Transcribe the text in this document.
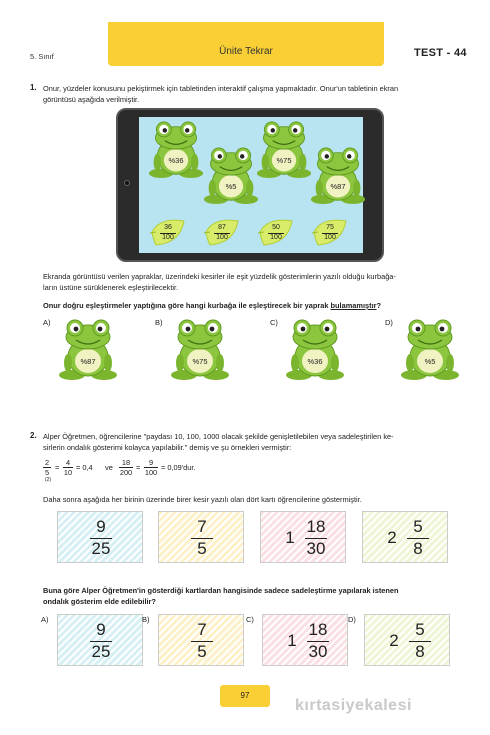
Ünite Tekrar
5. Sınıf	TEST - 44
1. Onur, yüzdeler konusunu pekiştirmek için tabletinden interaktif çalışma yapmaktadır. Onur'un tabletinin ekran
görüntüsü aşağıda verilmiştir.
%36
%5
%75
%87
36
100
87
100
50
100
75
100
Ekranda görüntüsü verilen yapraklar, üzerindeki kesirler ile eşit yüzdelik gösterimlerin yazılı olduğu kurbağa-
ların üstüne sürüklenerek eşleştirilecektir.
Onur doğru eşleştirmeler yaptığına göre hangi kurbağa ile eşleştirecek bir yaprak bulamamıştır?
A)
%87
B)
%75
C)
%36
D)
%5
2. Alper Öğretmen, öğrencilerine "paydası 10, 100, 1000 olacak şekilde genişletilebilen veya sadeleştirilen ke-
sirlerin ondalık gösterimi kolayca yapılabilir." demiş ve şu örnekleri vermiştir:
2
5
(2)
=
4
10
= 0,4 ve
18
200
=
9
100
= 0,09'dur.
Daha sonra aşağıda her birinin üzerinde birer kesir yazılı olan dört kartı öğrencilerine göstermiştir.
9
25
7
5
1
18
30
2
5
8
Buna göre Alper Öğretmen'in gösterdiği kartlardan hangisinde sadece sadeleştirme yapılarak istenen
ondalık gösterim elde edilebilir?
A)
9
25
B)
7
5
C)
1
18
30
D)
2
5
8
97
kırtasiyekalesi
